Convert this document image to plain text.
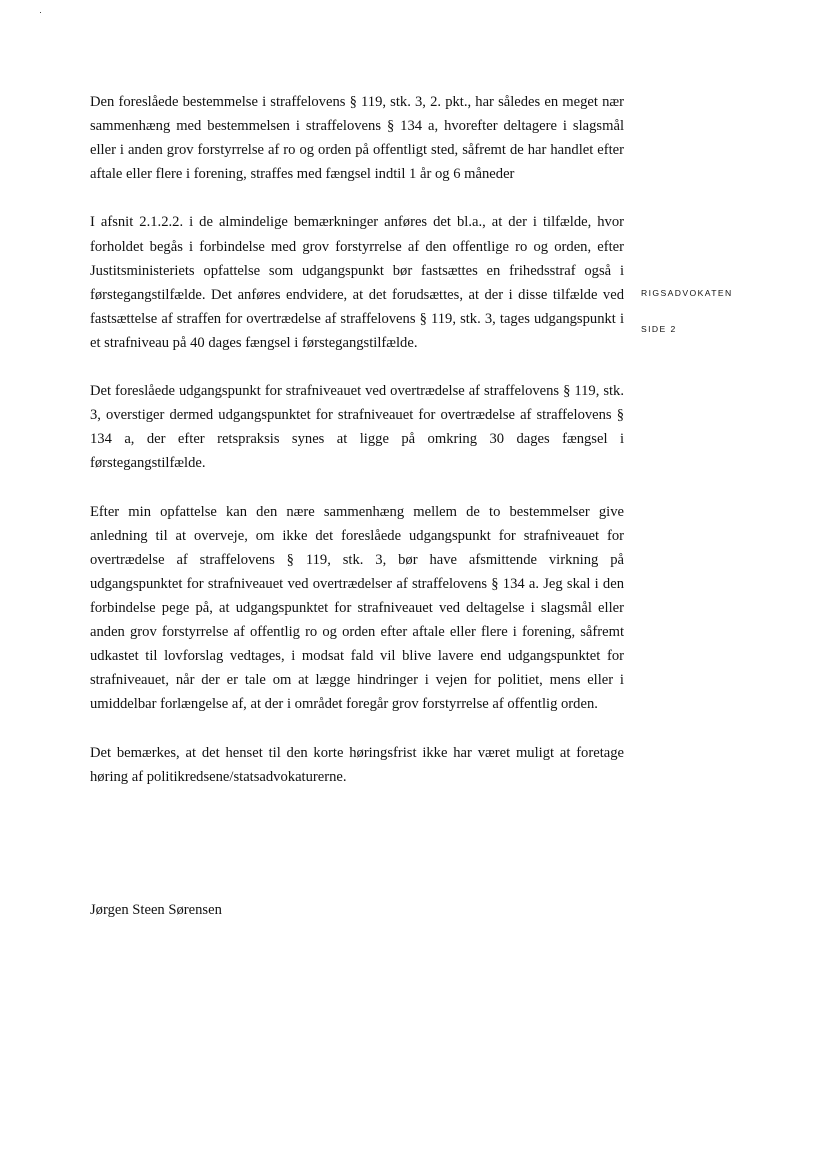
Den foreslåede bestemmelse i straffelovens § 119, stk. 3, 2. pkt., har således en meget nær sammenhæng med bestemmelsen i straffelovens § 134 a, hvorefter deltagere i slagsmål eller i anden grov forstyrrelse af ro og orden på offentligt sted, såfremt de har handlet efter aftale eller flere i forening, straffes med fængsel indtil 1 år og 6 måneder

I afsnit 2.1.2.2. i de almindelige bemærkninger anføres det bl.a., at der i tilfælde, hvor forholdet begås i forbindelse med grov forstyrrelse af den offentlige ro og orden, efter Justitsministeriets opfattelse som udgangspunkt bør fastsættes en frihedsstraf også i førstegangstilfælde. Det anføres endvidere, at det forudsættes, at der i disse tilfælde ved fastsættelse af straffen for overtrædelse af straffelovens § 119, stk. 3, tages udgangspunkt i et strafniveau på 40 dages fængsel i førstegangstilfælde.

Det foreslåede udgangspunkt for strafniveauet ved overtrædelse af straffelovens § 119, stk. 3, overstiger dermed udgangspunktet for strafniveauet for overtrædelse af straffelovens § 134 a, der efter retspraksis synes at ligge på omkring 30 dages fængsel i førstegangstilfælde.

Efter min opfattelse kan den nære sammenhæng mellem de to bestemmelser give anledning til at overveje, om ikke det foreslåede udgangspunkt for strafniveauet for overtrædelse af straffelovens § 119, stk. 3, bør have afsmittende virkning på udgangspunktet for strafniveauet ved overtrædelser af straffelovens § 134 a. Jeg skal i den forbindelse pege på, at udgangspunktet for strafniveauet ved deltagelse i slagsmål eller anden grov forstyrrelse af offentlig ro og orden efter aftale eller flere i forening, såfremt udkastet til lovforslag vedtages, i modsat fald vil blive lavere end udgangspunktet for strafniveauet, når der er tale om at lægge hindringer i vejen for politiet, mens eller i umiddelbar forlængelse af, at der i området foregår grov forstyrrelse af offentlig orden.

Det bemærkes, at det henset til den korte høringsfrist ikke har været muligt at foretage høring af politikredsene/statsadvokaturerne.

Jørgen Steen Sørensen
RIGSADVOKATEN
SIDE 2
